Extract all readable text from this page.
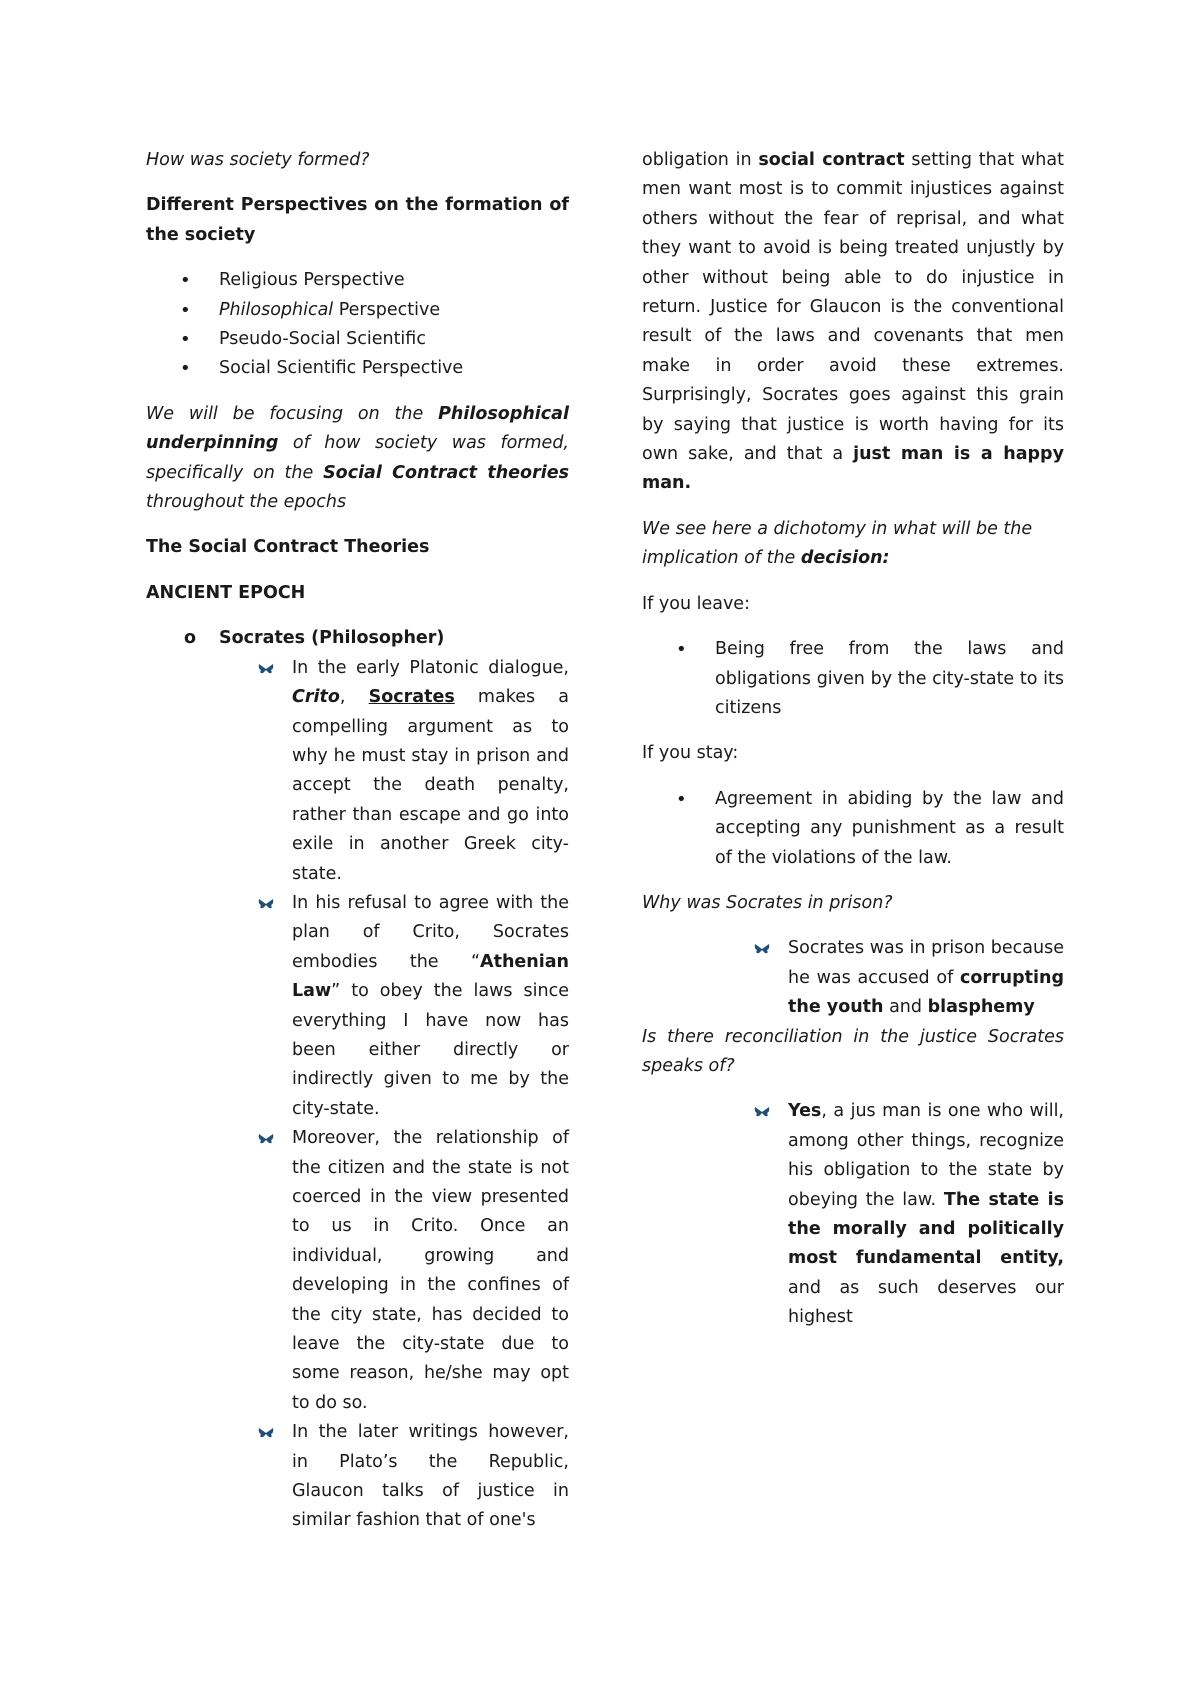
How was society formed?

Different Perspectives on the formation of the society

• Religious Perspective
• Philosophical Perspective
• Pseudo-Social Scientific
• Social Scientific Perspective

We will be focusing on the Philosophical underpinning of how society was formed, specifically on the Social Contract theories throughout the epochs

The Social Contract Theories

ANCIENT EPOCH

o Socrates (Philosopher)

In the early Platonic dialogue, Crito, Socrates makes a compelling argument as to why he must stay in prison and accept the death penalty, rather than escape and go into exile in another Greek city-state.
In his refusal to agree with the plan of Crito, Socrates embodies the “Athenian Law” to obey the laws since everything I have now has been either directly or indirectly given to me by the city-state.
Moreover, the relationship of the citizen and the state is not coerced in the view presented to us in Crito. Once an individual, growing and developing in the confines of the city state, has decided to leave the city-state due to some reason, he/she may opt to do so.
In the later writings however, in Plato’s the Republic, Glaucon talks of justice in similar fashion that of one's

obligation in social contract setting that what men want most is to commit injustices against others without the fear of reprisal, and what they want to avoid is being treated unjustly by other without being able to do injustice in return. Justice for Glaucon is the conventional result of the laws and covenants that men make in order avoid these extremes. Surprisingly, Socrates goes against this grain by saying that justice is worth having for its own sake, and that a just man is a happy man.

We see here a dichotomy in what will be the implication of the decision:

If you leave:

• Being free from the laws and obligations given by the city-state to its citizens

If you stay:

• Agreement in abiding by the law and accepting any punishment as a result of the violations of the law.

Why was Socrates in prison?

Socrates was in prison because he was accused of corrupting the youth and blasphemy

Is there reconciliation in the justice Socrates speaks of?

Yes, a jus man is one who will, among other things, recognize his obligation to the state by obeying the law. The state is the morally and politically most fundamental entity, and as such deserves our highest
